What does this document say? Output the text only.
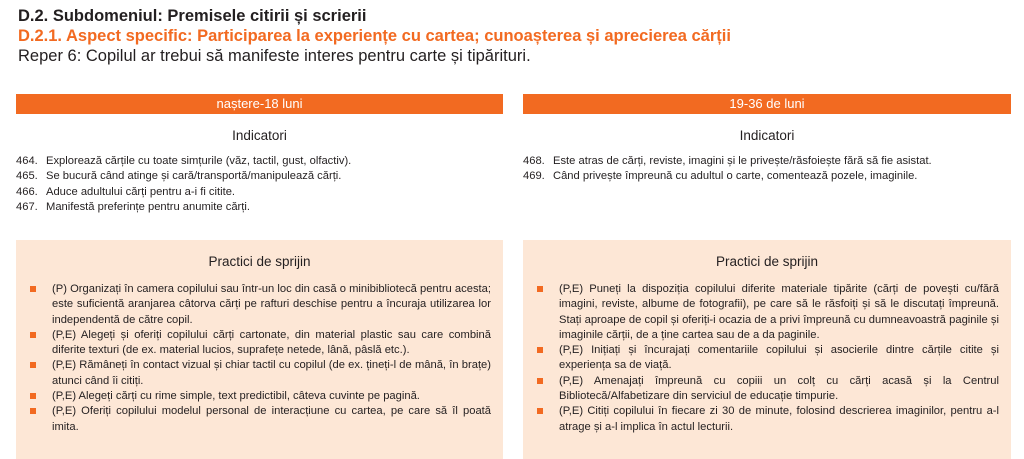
D.2. Subdomeniul: Premisele citirii și scrierii
D.2.1. Aspect specific: Participarea la experiențe cu cartea; cunoașterea și aprecierea cărții
Reper 6: Copilul ar trebui să manifeste interes pentru carte și tipărituri.
naștere-18 luni
Indicatori
464. Explorează cărțile cu toate simțurile (văz, tactil, gust, olfactiv).
465. Se bucură când atinge și cară/transportă/manipulează cărți.
466. Aduce adultului cărți pentru a-i fi citite.
467. Manifestă preferințe pentru anumite cărți.
19-36 de luni
Indicatori
468. Este atras de cărți, reviste, imagini și le privește/răsfoiește fără să fie asistat.
469. Când privește împreună cu adultul o carte, comentează pozele, imaginile.
Practici de sprijin
(P) Organizați în camera copilului sau într-un loc din casă o minibibliotecă pentru acesta; este suficientă aranjarea câtorva cărți pe rafturi deschise pentru a încuraja utilizarea lor independentă de către copil.
(P,E) Alegeți și oferiți copilului cărți cartonate, din material plastic sau care combină diferite texturi (de ex. material lucios, suprafețe netede, lână, pâslă etc.).
(P,E) Rămâneți în contact vizual și chiar tactil cu copilul (de ex. țineți-l de mână, în brațe) atunci când îi citiți.
(P,E) Alegeți cărți cu rime simple, text predictibil, câteva cuvinte pe pagină.
(P,E) Oferiți copilului modelul personal de interacțiune cu cartea, pe care să îl poată imita.
Practici de sprijin
(P,E) Puneți la dispoziția copilului diferite materiale tipărite (cărți de povești cu/fără imagini, reviste, albume de fotografii), pe care să le răsfoiți și să le discutați împreună. Stați aproape de copil și oferiți-i ocazia de a privi împreună cu dumneavoastră paginile și imaginile cărții, de a ține cartea sau de a da paginile.
(P,E) Inițiați și încurajați comentariile copilului și asocierile dintre cărțile citite și experiența sa de viață.
(P,E) Amenajați împreună cu copiii un colț cu cărți acasă și la Centrul Bibliotecă/Alfabetizare din serviciul de educație timpurie.
(P,E) Citiți copilului în fiecare zi 30 de minute, folosind descrierea imaginilor, pentru a-l atrage și a-l implica în actul lecturii.
